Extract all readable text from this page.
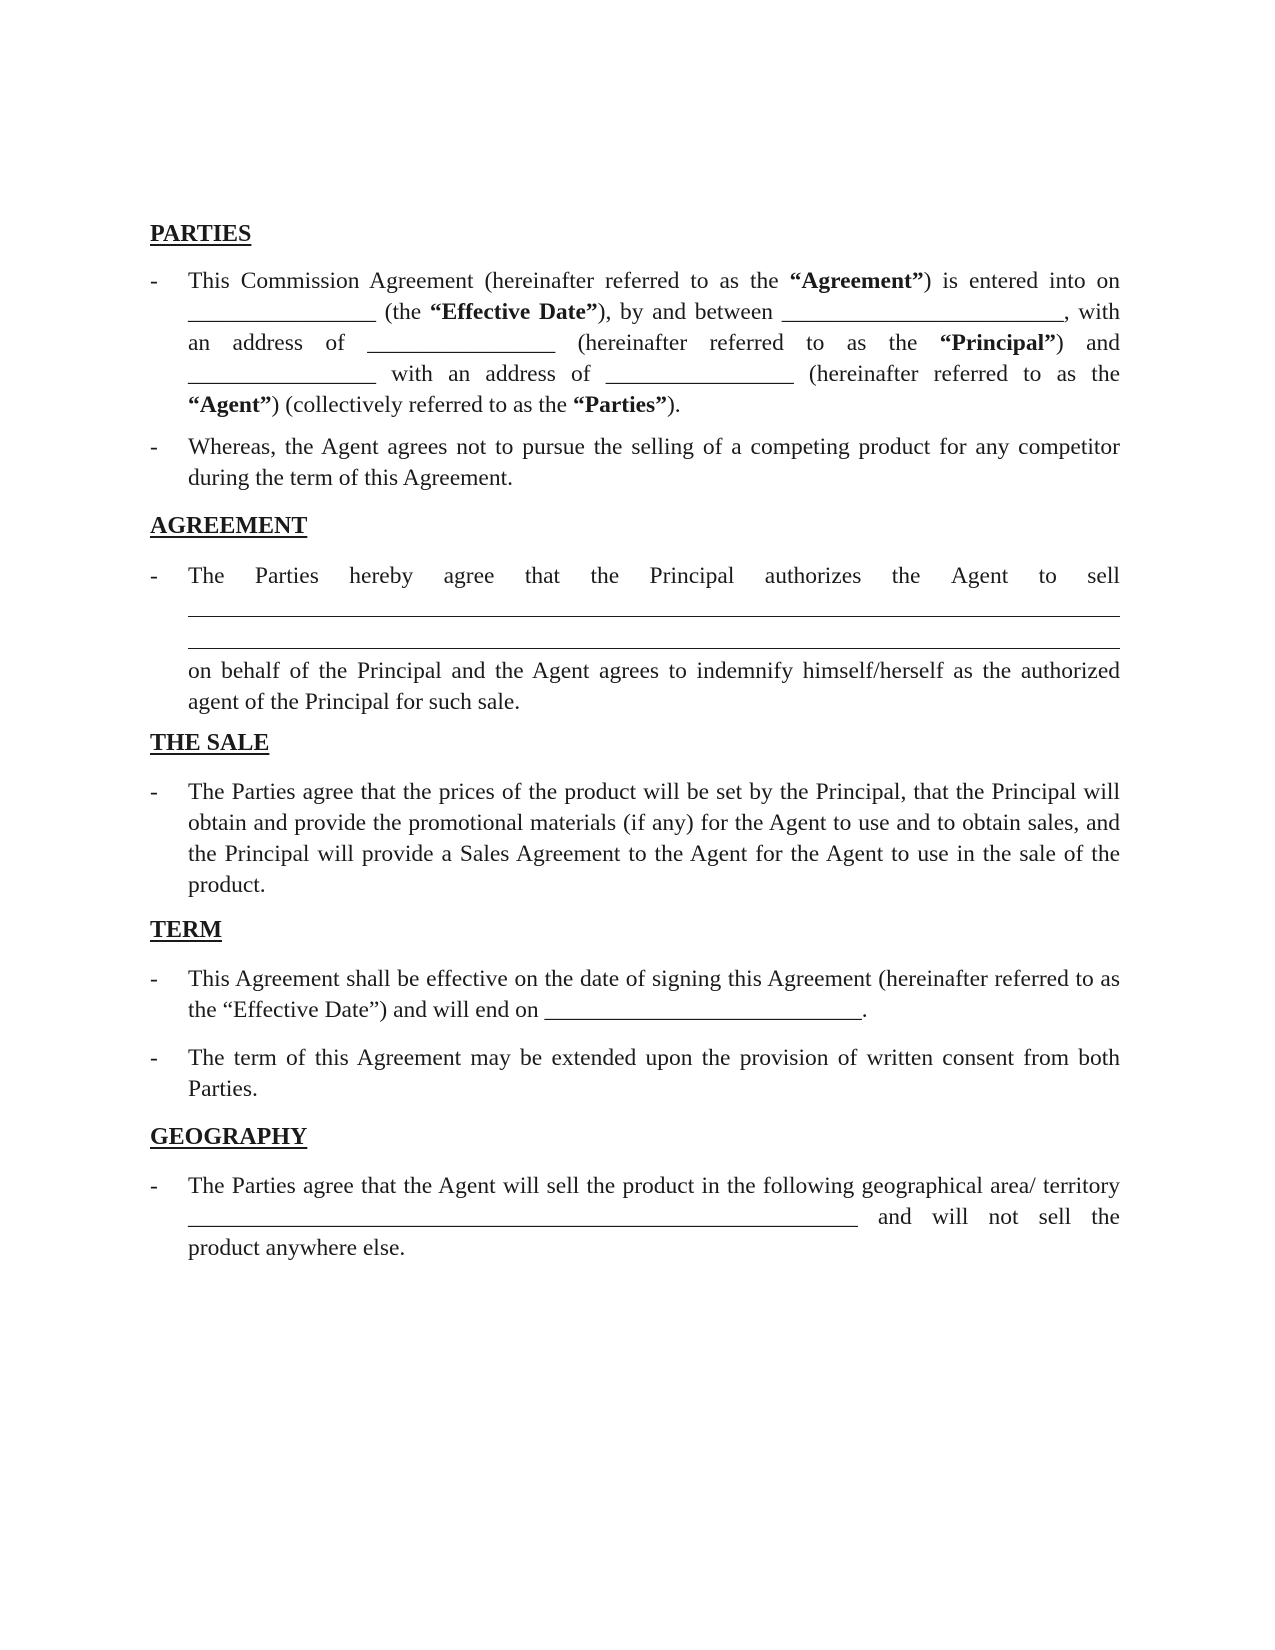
PARTIES
- This Commission Agreement (hereinafter referred to as the “Agreement”) is entered into on ________________ (the “Effective Date”), by and between ________________________, with an address of ________________ (hereinafter referred to as the “Principal”) and ________________ with an address of ________________ (hereinafter referred to as the “Agent”) (collectively referred to as the “Parties”).
- Whereas, the Agent agrees not to pursue the selling of a competing product for any competitor during the term of this Agreement.
AGREEMENT
- The Parties hereby agree that the Principal authorizes the Agent to sell
on behalf of the Principal and the Agent agrees to indemnify himself/herself as the authorized agent of the Principal for such sale.
THE SALE
- The Parties agree that the prices of the product will be set by the Principal, that the Principal will obtain and provide the promotional materials (if any) for the Agent to use and to obtain sales, and the Principal will provide a Sales Agreement to the Agent for the Agent to use in the sale of the product.
TERM
- This Agreement shall be effective on the date of signing this Agreement (hereinafter referred to as the “Effective Date”) and will end on ___________________________.
- The term of this Agreement may be extended upon the provision of written consent from both Parties.
GEOGRAPHY
- The Parties agree that the Agent will sell the product in the following geographical area/ territory _________________________________________________________ and will not sell the product anywhere else.
